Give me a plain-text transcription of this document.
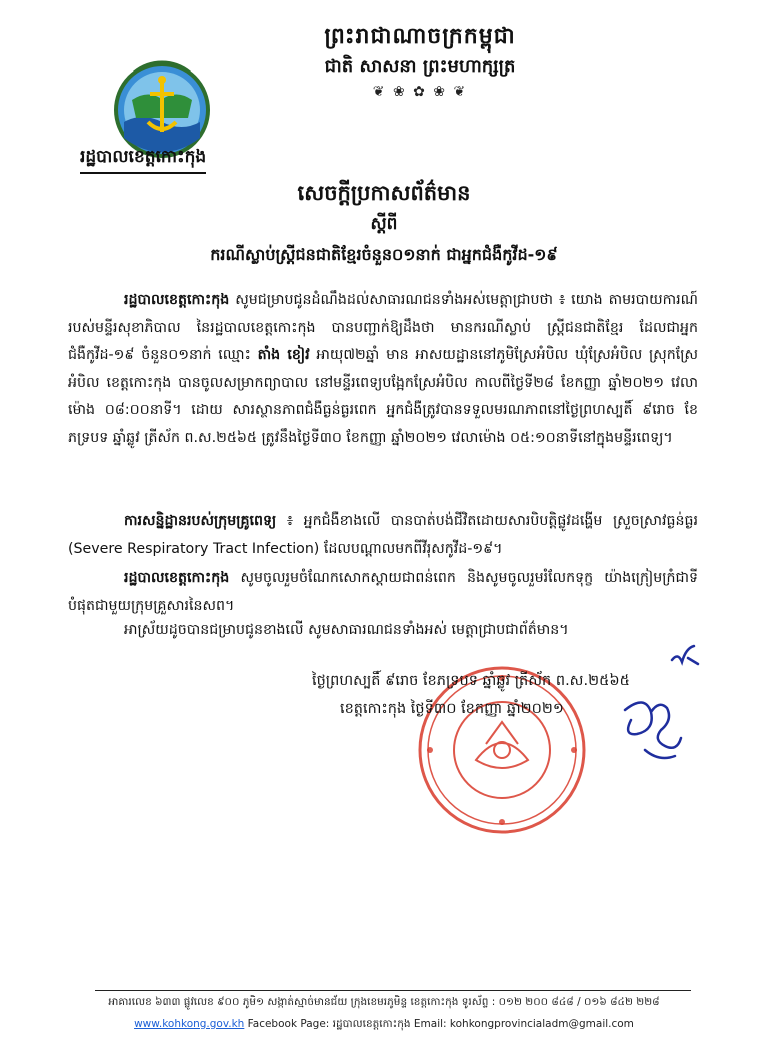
ព្រះរាជាណាចក្រកម្ពុជា
ជាតិ សាសនា ព្រះមហាក្សត្រ
❦ ❀ ✿ ❀ ❦
រដ្ឋបាលខេត្តកោះកុង
សេចក្តីប្រកាសព័ត៌មាន
ស្តីពី
ករណីស្លាប់ស្ត្រីជនជាតិខ្មែរចំនួន០១នាក់ ជាអ្នកជំងឺកូវីដ-១៩
រដ្ឋបាលខេត្តកោះកុង សូមជម្រាបជូនដំណឹងដល់សាធារណជនទាំងអស់មេត្តាជ្រាបថា ៖ យោង តាមរបាយការណ៍របស់មន្ទីរសុខាភិបាល នៃរដ្ឋបាលខេត្តកោះកុង បានបញ្ជាក់ឱ្យដឹងថា មានករណីស្លាប់ ស្ត្រីជនជាតិខ្មែរ ដែលជាអ្នកជំងឺកូវីដ-១៩ ចំនួន០១នាក់ ឈ្មោះ តាំង ខៀវ អាយុ៧២ឆ្នាំ មាន អាសយដ្ឋាននៅភូមិស្រែអំបិល ឃុំស្រែអំបិល ស្រុកស្រែអំបិល ខេត្តកោះកុង បានចូលសម្រាកព្យាបាល នៅមន្ទីរពេទ្យបង្អែកស្រែអំបិល កាលពីថ្ងៃទី២៨ ខែកញ្ញា ឆ្នាំ២០២១ វេលាម៉ោង ០៨:០០នាទី។ ដោយ សារស្ថានភាពជំងឺធ្ងន់ធ្ងរពេក អ្នកជំងឺត្រូវបានទទួលមរណភាពនៅថ្ងៃព្រហស្បតិ៍ ៩រោច ខែភទ្របទ ឆ្នាំឆ្លូវ ត្រីស័ក ព.ស.២៥៦៥ ត្រូវនឹងថ្ងៃទី៣០ ខែកញ្ញា ឆ្នាំ២០២១ វេលាម៉ោង ០៥:១០នាទីនៅក្នុងមន្ទីរពេទ្យ។
ការសន្និដ្ឋានរបស់ក្រុមគ្រូពេទ្យ ៖ អ្នកជំងឺខាងលើ បានបាត់បង់ជីវិតដោយសារបិបត្តិផ្លូវដង្ហើម ស្រួចស្រាវធ្ងន់ធ្ងរ (Severe Respiratory Tract Infection) ដែលបណ្តាលមកពីវីរុសកូវីដ-១៩។
រដ្ឋបាលខេត្តកោះកុង សូមចូលរួមចំណែកសោកស្តាយជាពន់ពេក និងសូមចូលរួមរំលែកទុក្ខ យ៉ាងក្រៀមក្រំជាទីបំផុតជាមួយក្រុមគ្រួសារនៃសព។
អាស្រ័យដូចបានជម្រាបជូនខាងលើ សូមសាធារណជនទាំងអស់ មេត្តាជ្រាបជាព័ត៌មាន។
ថ្ងៃព្រហស្បតិ៍ ៩រោច ខែភទ្របទ ឆ្នាំឆ្លូវ ត្រីស័ក ព.ស.២៥៦៥
ខេត្តកោះកុង ថ្ងៃទី៣០ ខែកញ្ញា ឆ្នាំ២០២១
អាគារលេខ ៦៣៣ ផ្លូវលេខ ៩០០ ភូមិ១ សង្កាត់ស្មាច់មានជ័យ ក្រុងខេមរភូមិន្ទ ខេត្តកោះកុង ទូរស័ព្ទ : ០១២ ២០០ ៨៤៨ / ០១៦ ៨៤២ ២២៨
www.kohkong.gov.kh Facebook Page: រដ្ឋបាលខេត្តកោះកុង Email: kohkongprovincialadm@gmail.com
